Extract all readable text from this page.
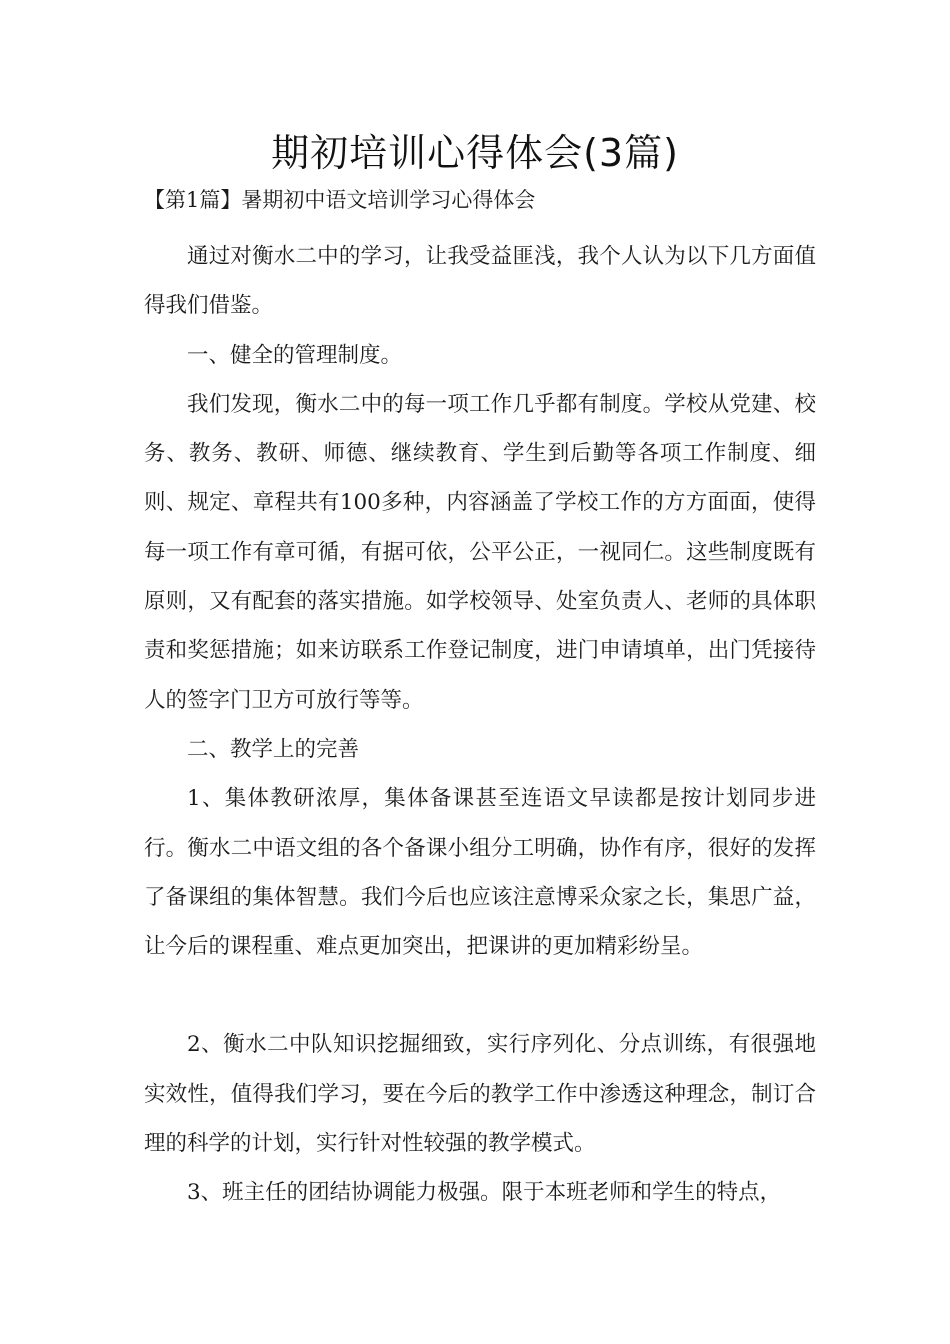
期初培训心得体会(3篇)
【第1篇】暑期初中语文培训学习心得体会

通过对衡水二中的学习，让我受益匪浅，我个人认为以下几方面值得我们借鉴。

一、健全的管理制度。

我们发现，衡水二中的每一项工作几乎都有制度。学校从党建、校务、教务、教研、师德、继续教育、学生到后勤等各项工作制度、细则、规定、章程共有100多种，内容涵盖了学校工作的方方面面，使得每一项工作有章可循，有据可依，公平公正，一视同仁。这些制度既有原则，又有配套的落实措施。如学校领导、处室负责人、老师的具体职责和奖惩措施；如来访联系工作登记制度，进门申请填单，出门凭接待人的签字门卫方可放行等等。

二、教学上的完善

1、集体教研浓厚，集体备课甚至连语文早读都是按计划同步进行。衡水二中语文组的各个备课小组分工明确，协作有序，很好的发挥了备课组的集体智慧。我们今后也应该注意博采众家之长，集思广益，让今后的课程重、难点更加突出，把课讲的更加精彩纷呈。

2、衡水二中队知识挖掘细致，实行序列化、分点训练，有很强地实效性，值得我们学习，要在今后的教学工作中渗透这种理念，制订合理的科学的计划，实行针对性较强的教学模式。

3、班主任的团结协调能力极强。限于本班老师和学生的特点，
